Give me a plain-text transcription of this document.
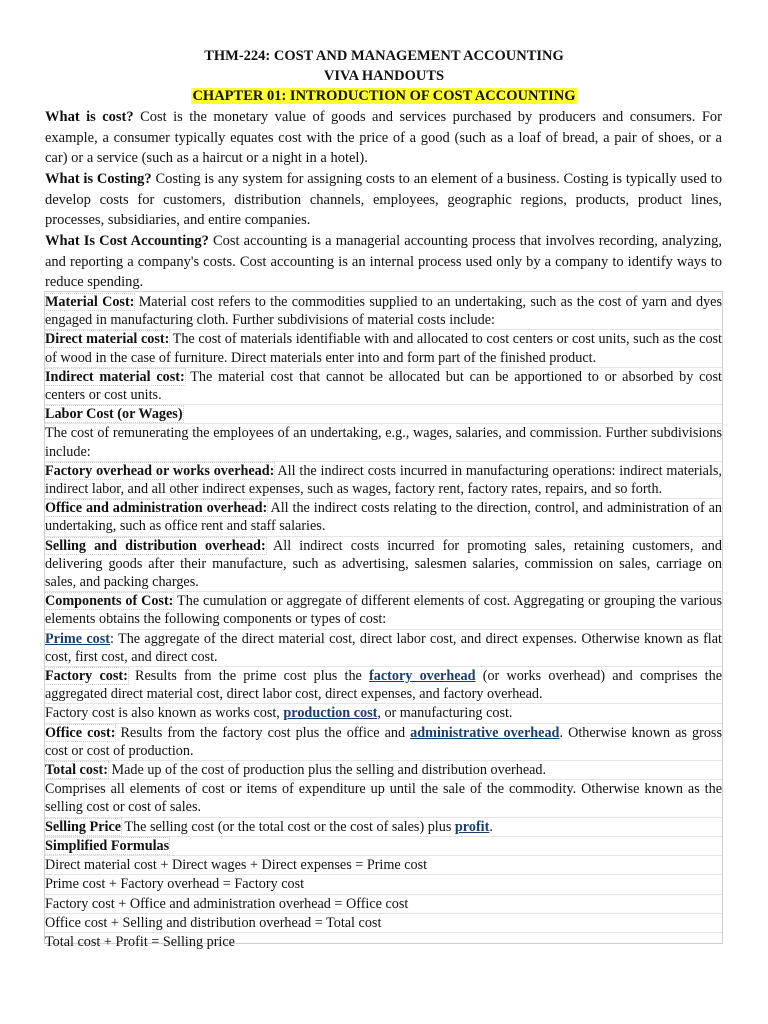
THM-224: COST AND MANAGEMENT ACCOUNTING
VIVA HANDOUTS
CHAPTER 01: INTRODUCTION OF COST ACCOUNTING

What is cost? Cost is the monetary value of goods and services purchased by producers and consumers. For example, a consumer typically equates cost with the price of a good (such as a loaf of bread, a pair of shoes, or a car) or a service (such as a haircut or a night in a hotel).

What is Costing? Costing is any system for assigning costs to an element of a business. Costing is typically used to develop costs for customers, distribution channels, employees, geographic regions, products, product lines, processes, subsidiaries, and entire companies.

What Is Cost Accounting? Cost accounting is a managerial accounting process that involves recording, analyzing, and reporting a company's costs. Cost accounting is an internal process used only by a company to identify ways to reduce spending.

Material Cost: Material cost refers to the commodities supplied to an undertaking, such as the cost of yarn and dyes engaged in manufacturing cloth. Further subdivisions of material costs include:

Direct material cost: The cost of materials identifiable with and allocated to cost centers or cost units, such as the cost of wood in the case of furniture. Direct materials enter into and form part of the finished product.

Indirect material cost: The material cost that cannot be allocated but can be apportioned to or absorbed by cost centers or cost units.

Labor Cost (or Wages)

The cost of remunerating the employees of an undertaking, e.g., wages, salaries, and commission. Further subdivisions include:

Factory overhead or works overhead: All the indirect costs incurred in manufacturing operations: indirect materials, indirect labor, and all other indirect expenses, such as wages, factory rent, factory rates, repairs, and so forth.

Office and administration overhead: All the indirect costs relating to the direction, control, and administration of an undertaking, such as office rent and staff salaries.

Selling and distribution overhead: All indirect costs incurred for promoting sales, retaining customers, and delivering goods after their manufacture, such as advertising, salesmen salaries, commission on sales, carriage on sales, and packing charges.

Components of Cost: The cumulation or aggregate of different elements of cost. Aggregating or grouping the various elements obtains the following components or types of cost:

Prime cost: The aggregate of the direct material cost, direct labor cost, and direct expenses. Otherwise known as flat cost, first cost, and direct cost.

Factory cost: Results from the prime cost plus the factory overhead (or works overhead) and comprises the aggregated direct material cost, direct labor cost, direct expenses, and factory overhead.

Factory cost is also known as works cost, production cost, or manufacturing cost.

Office cost: Results from the factory cost plus the office and administrative overhead. Otherwise known as gross cost or cost of production.

Total cost: Made up of the cost of production plus the selling and distribution overhead.

Comprises all elements of cost or items of expenditure up until the sale of the commodity. Otherwise known as the selling cost or cost of sales.

Selling Price The selling cost (or the total cost or the cost of sales) plus profit.

Simplified Formulas

Direct material cost + Direct wages + Direct expenses = Prime cost

Prime cost + Factory overhead = Factory cost

Factory cost + Office and administration overhead = Office cost

Office cost + Selling and distribution overhead = Total cost

Total cost + Profit = Selling price
